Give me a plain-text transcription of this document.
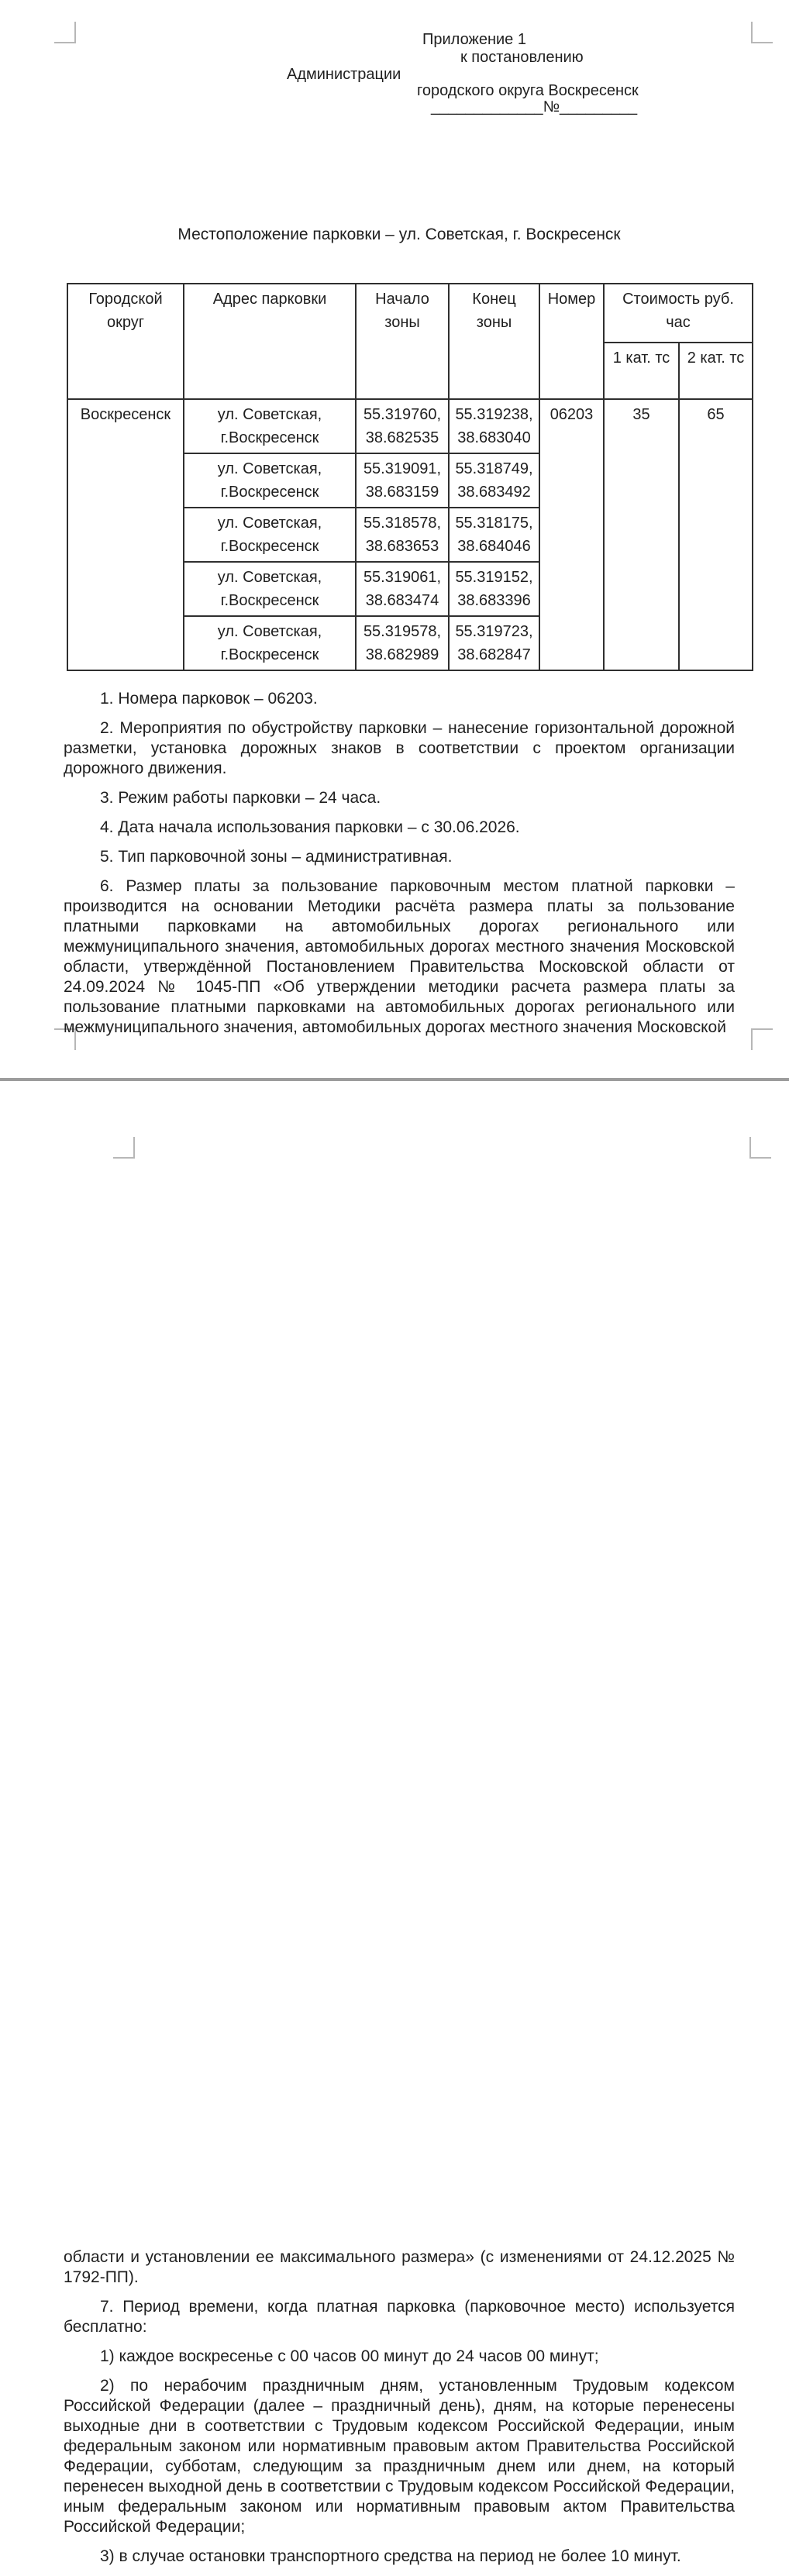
Приложение 1
к постановлению
Администрации
городского округа Воскресенск
_____________№_________
Местоположение парковки – ул. Советская, г. Воскресенск
Городской округ	Адрес парковки	Начало зоны	Конец зоны	Номер	Стоимость руб. час	
					1 кат. тс	2 кат. тс
Воскресенск	ул. Советская, г.Воскресенск	55.319760, 38.682535	55.319238, 38.683040	06203	35	65
	ул. Советская, г.Воскресенск	55.319091, 38.683159	55.318749, 38.683492			
	ул. Советская, г.Воскресенск	55.318578, 38.683653	55.318175, 38.684046			
	ул. Советская, г.Воскресенск	55.319061, 38.683474	55.319152, 38.683396			
	ул. Советская, г.Воскресенск	55.319578, 38.682989	55.319723, 38.682847			

1. Номера парковок – 06203.

2. Мероприятия по обустройству парковки – нанесение горизонтальной дорожной разметки, установка дорожных знаков в соответствии с проектом организации дорожного движения.

3. Режим работы парковки – 24 часа.

4. Дата начала использования парковки – с 30.06.2026.

5. Тип парковочной зоны – административная.

6. Размер платы за пользование парковочным местом платной парковки – производится на основании Методики расчёта размера платы за пользование платными парковками на автомобильных дорогах регионального или межмуниципального значения, автомобильных дорогах местного значения Московской области, утверждённой Постановлением Правительства Московской области от 24.09.2024 № 1045-ПП «Об утверждении методики расчета размера платы за пользование платными парковками на автомобильных дорогах регионального или межмуниципального значения, автомобильных дорогах местного значения Московской

области и установлении ее максимального размера» (с изменениями от 24.12.2025 № 1792-ПП).

7. Период времени, когда платная парковка (парковочное место) используется бесплатно:

1) каждое воскресенье с 00 часов 00 минут до 24 часов 00 минут;

2) по нерабочим праздничным дням, установленным Трудовым кодексом Российской Федерации (далее – праздничный день), дням, на которые перенесены выходные дни в соответствии с Трудовым кодексом Российской Федерации, иным федеральным законом или нормативным правовым актом Правительства Российской Федерации, субботам, следующим за праздничным днем или днем, на который перенесен выходной день в соответствии с Трудовым кодексом Российской Федерации, иным федеральным законом или нормативным правовым актом Правительства Российской Федерации;

3) в случае остановки транспортного средства на период не более 10 минут.
